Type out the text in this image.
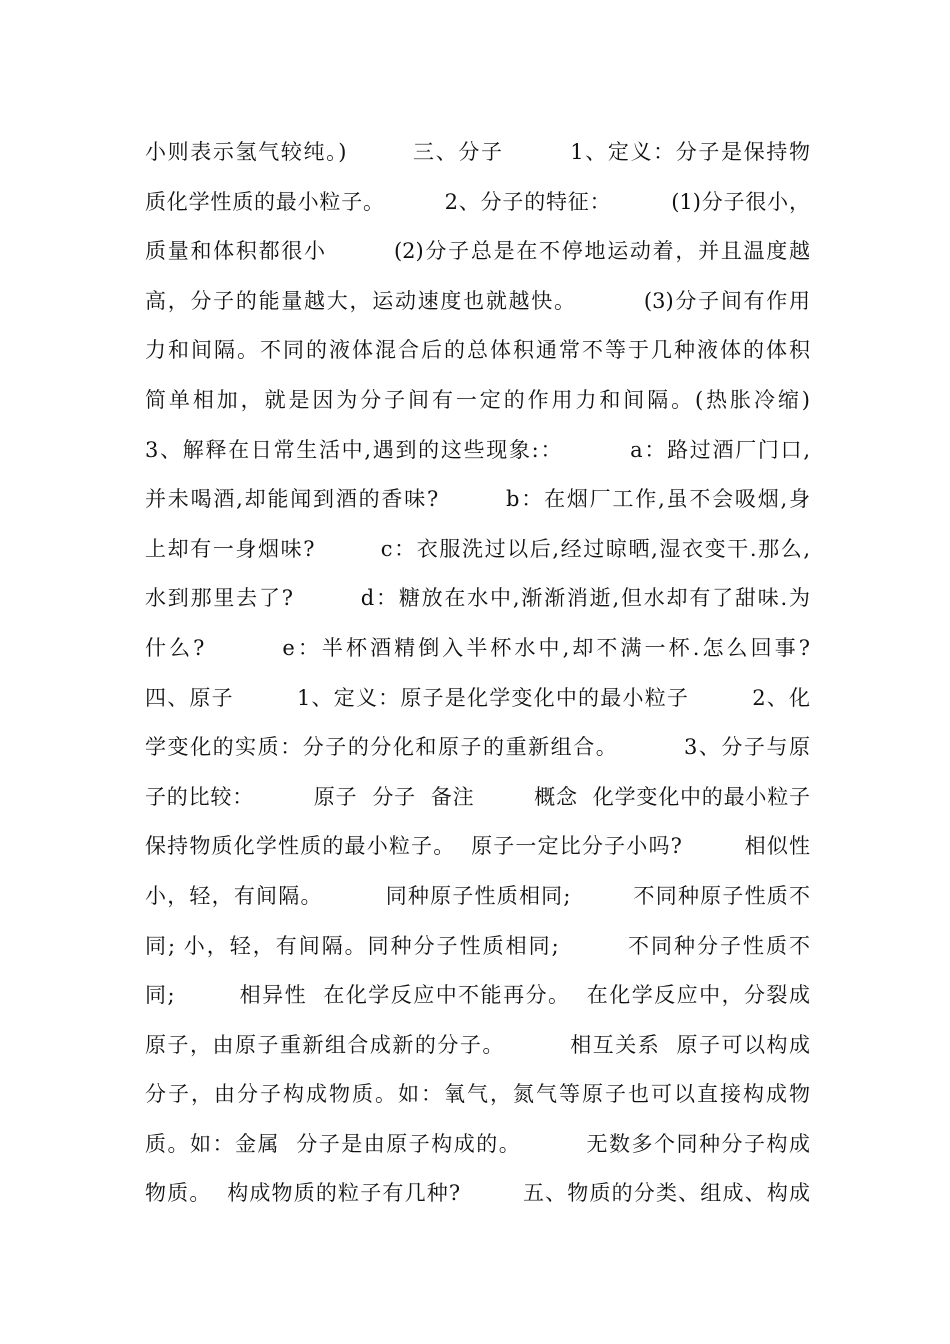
小则表示氢气较纯。)        三、分子        1、定义：分子是保持物
质化学性质的最小粒子。        2、分子的特征：        (1)分子很小，
质量和体积都很小        (2)分子总是在不停地运动着，并且温度越
高，分子的能量越大，运动速度也就越快。        (3)分子间有作用
力和间隔。不同的液体混合后的总体积通常不等于几种液体的体积
简单相加，就是因为分子间有一定的作用力和间隔。(热胀冷缩)
3、解释在日常生活中,遇到的这些现象:：        a：路过酒厂门口,
并未喝酒,却能闻到酒的香味?        b：在烟厂工作,虽不会吸烟,身
上却有一身烟味?        c：衣服洗过以后,经过晾晒,湿衣变干.那么,
水到那里去了?        d：糖放在水中,渐渐消逝,但水却有了甜味.为
什么?        e：半杯酒精倒入半杯水中,却不满一杯.怎么回事?
四、原子        1、定义：原子是化学变化中的最小粒子        2、化
学变化的实质：分子的分化和原子的重新组合。        3、分子与原
子的比较：        原子  分子  备注        概念  化学变化中的最小粒子
保持物质化学性质的最小粒子。  原子一定比分子小吗?        相似性
小，轻，有间隔。        同种原子性质相同;        不同种原子性质不
同; 小，轻，有间隔。同种分子性质相同;        不同种分子性质不
同;        相异性  在化学反应中不能再分。  在化学反应中，分裂成
原子，由原子重新组合成新的分子。        相互关系  原子可以构成
分子，由分子构成物质。如：氧气，氮气等原子也可以直接构成物
质。如：金属  分子是由原子构成的。        无数多个同种分子构成
物质。  构成物质的粒子有几种?        五、物质的分类、组成、构成
